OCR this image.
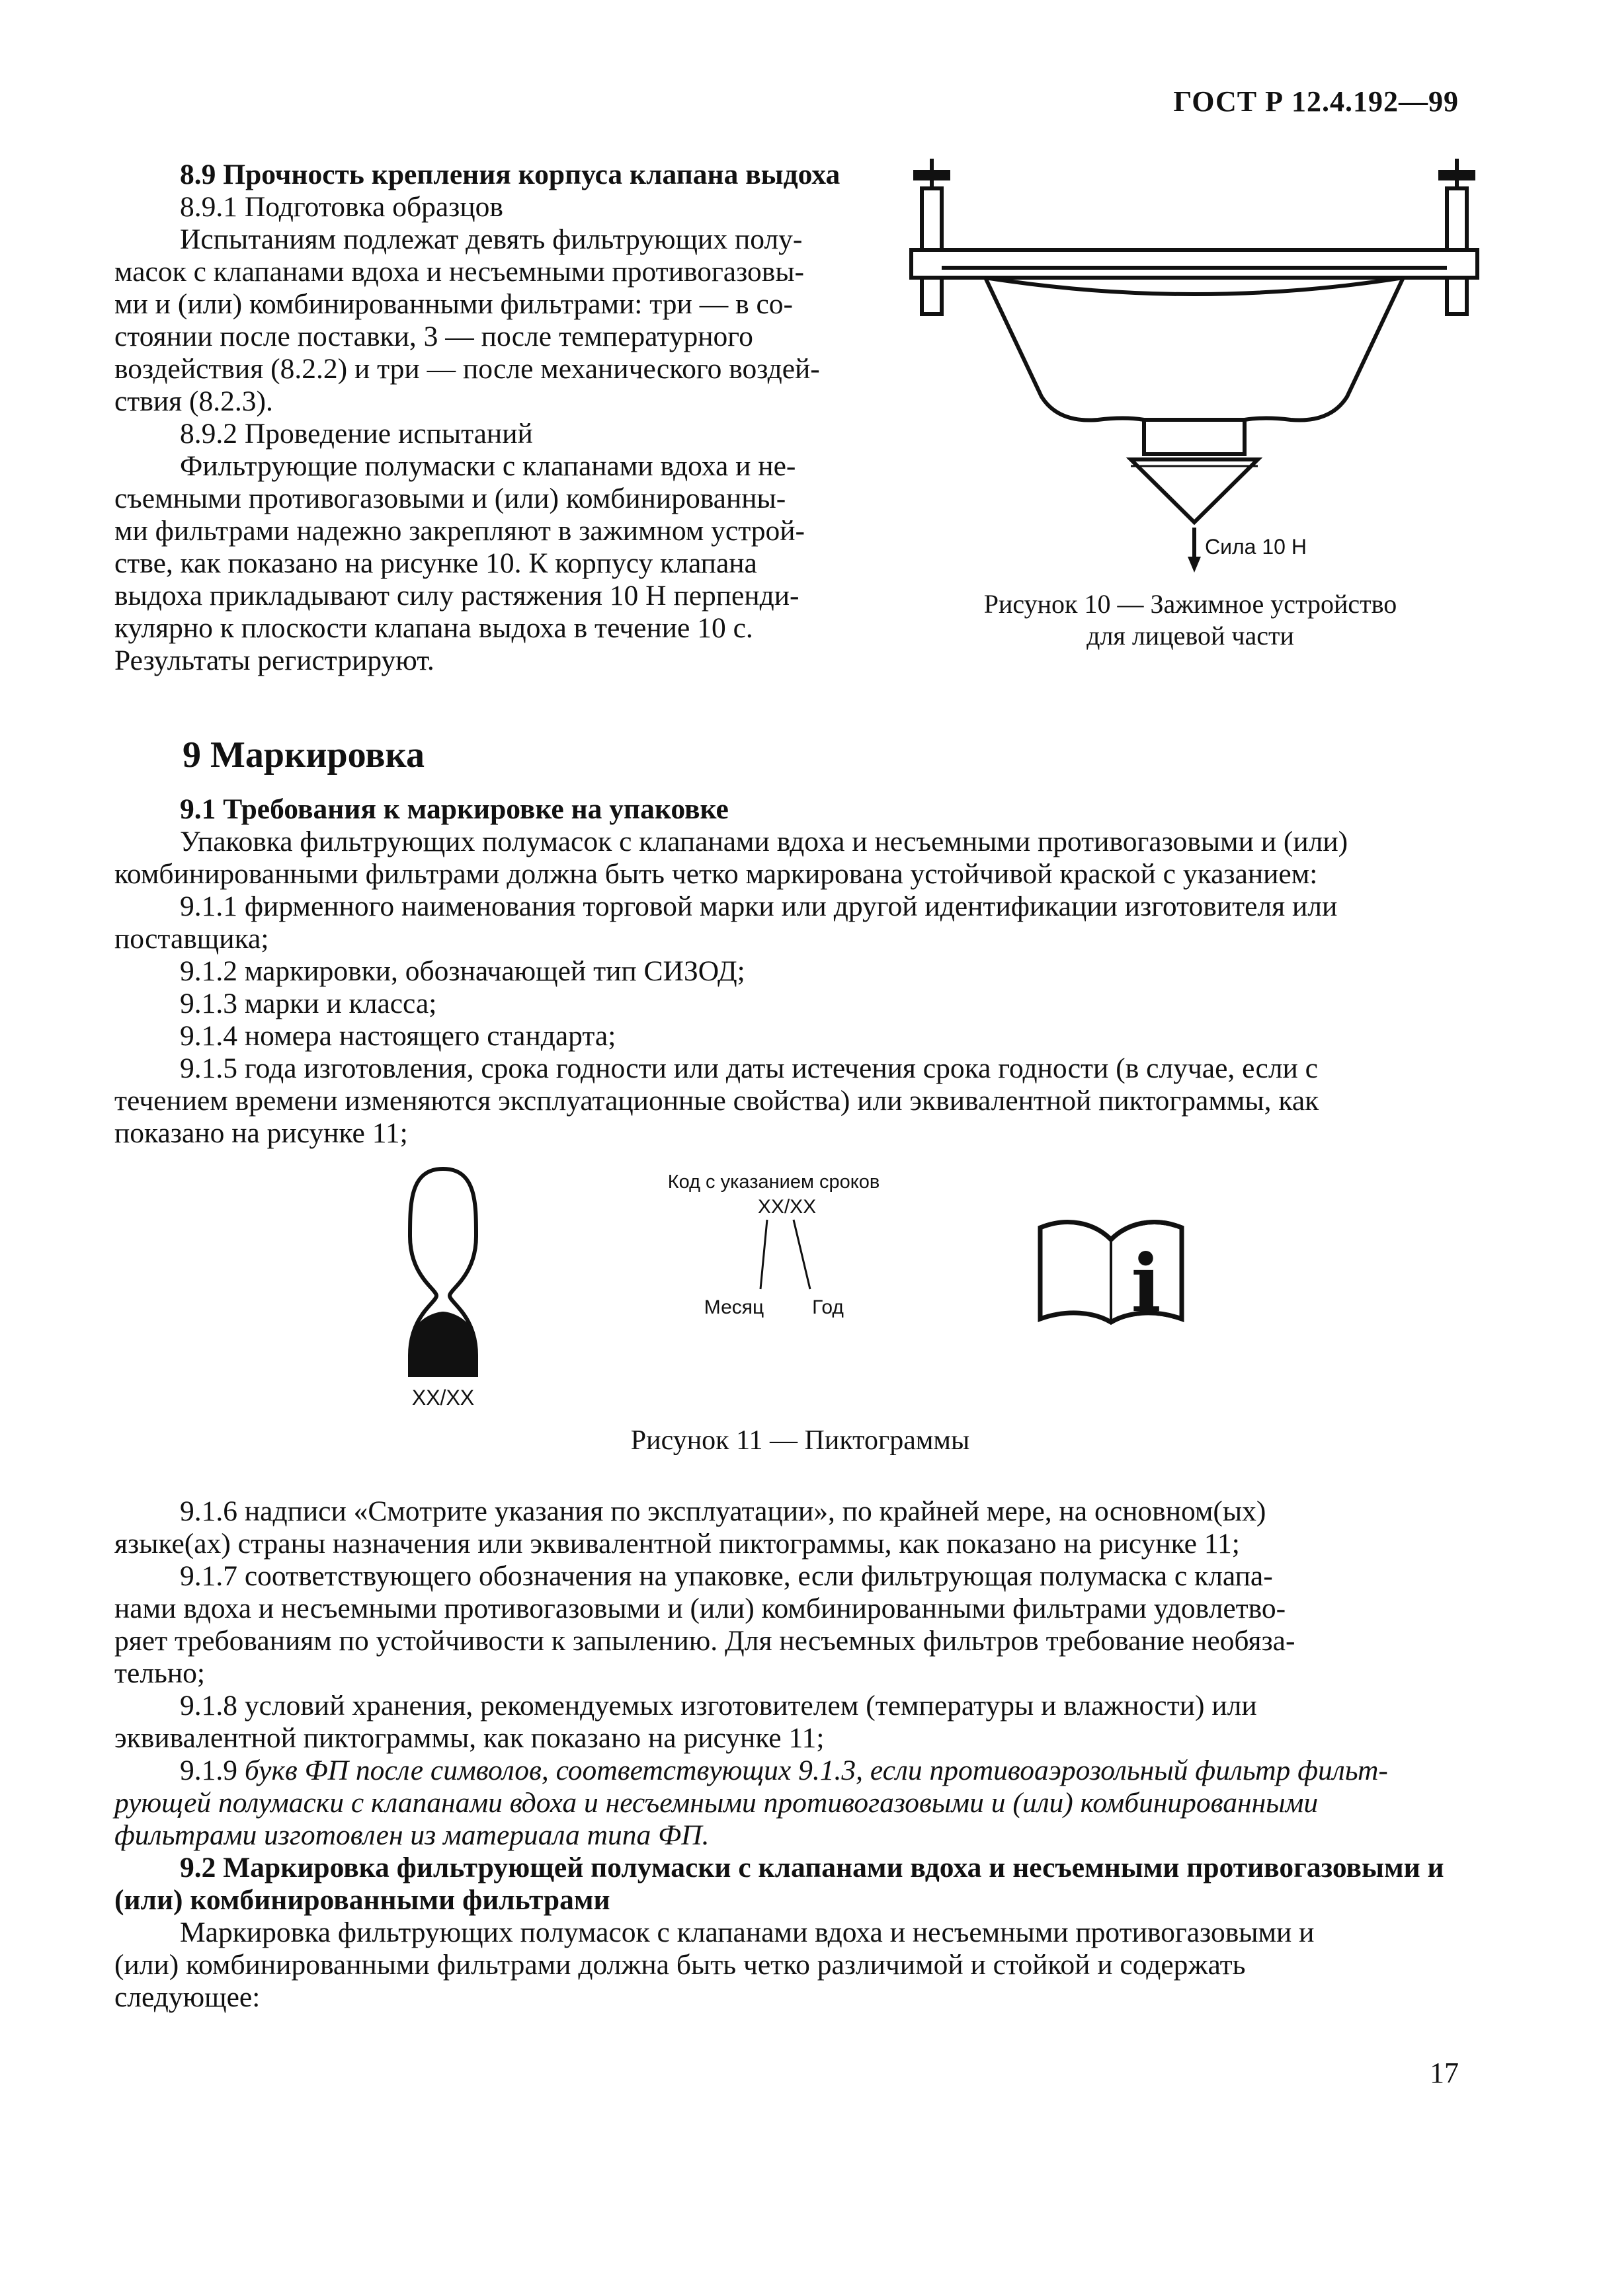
ГОСТ Р 12.4.192—99

8.9 Прочность крепления корпуса клапана выдоха

8.9.1 Подготовка образцов

Испытаниям подлежат девять фильтрующих полу-
масок с клапанами вдоха и несъемными противогазовы-
ми и (или) комбинированными фильтрами: три — в со-
стоянии после поставки, 3 — после температурного
воздействия (8.2.2) и три — после механического воздей-
ствия (8.2.3).

8.9.2 Проведение испытаний

Фильтрующие полумаски с клапанами вдоха и не-
съемными противогазовыми и (или) комбинированны-
ми фильтрами надежно закрепляют в зажимном устрой-
стве, как показано на рисунке 10. К корпусу клапана
выдоха прикладывают силу растяжения 10 Н перпенди-
кулярно к плоскости клапана выдоха в течение 10 с.
Результаты регистрируют.
Сила 10 Н
Рисунок 10 — Зажимное устройство
для лицевой части
9 Маркировка
9.1 Требования к маркировке на упаковке
Упаковка фильтрующих полумасок с клапанами вдоха и несъемными противогазовыми и (или)
комбинированными фильтрами должна быть четко маркирована устойчивой краской с указанием:
9.1.1 фирменного наименования торговой марки или другой идентификации изготовителя или
поставщика;
9.1.2 маркировки, обозначающей тип СИЗОД;
9.1.3 марки и класса;
9.1.4 номера настоящего стандарта;
9.1.5 года изготовления, срока годности или даты истечения срока годности (в случае, если с
течением времени изменяются эксплуатационные свойства) или эквивалентной пиктограммы, как
показано на рисунке 11;
XX/XX
Код с указанием сроков
XX/XX
Месяц Год	i
Рисунок 11 — Пиктограммы
9.1.6 надписи «Смотрите указания по эксплуатации», по крайней мере, на основном(ых)
языке(ах) страны назначения или эквивалентной пиктограммы, как показано на рисунке 11;
9.1.7 соответствующего обозначения на упаковке, если фильтрующая полумаска с клапа-
нами вдоха и несъемными противогазовыми и (или) комбинированными фильтрами удовлетво-
ряет требованиям по устойчивости к запылению. Для несъемных фильтров требование необяза-
тельно;
9.1.8 условий хранения, рекомендуемых изготовителем (температуры и влажности) или
эквивалентной пиктограммы, как показано на рисунке 11;
9.1.9 букв ФП после символов, соответствующих 9.1.3, если противоаэрозольный фильтр фильт-
рующей полумаски с клапанами вдоха и несъемными противогазовыми и (или) комбинированными
фильтрами изготовлен из материала типа ФП.
9.2 Маркировка фильтрующей полумаски с клапанами вдоха и несъемными противогазовыми и
(или) комбинированными фильтрами
Маркировка фильтрующих полумасок с клапанами вдоха и несъемными противогазовыми и
(или) комбинированными фильтрами должна быть четко различимой и стойкой и содержать
следующее:
17
